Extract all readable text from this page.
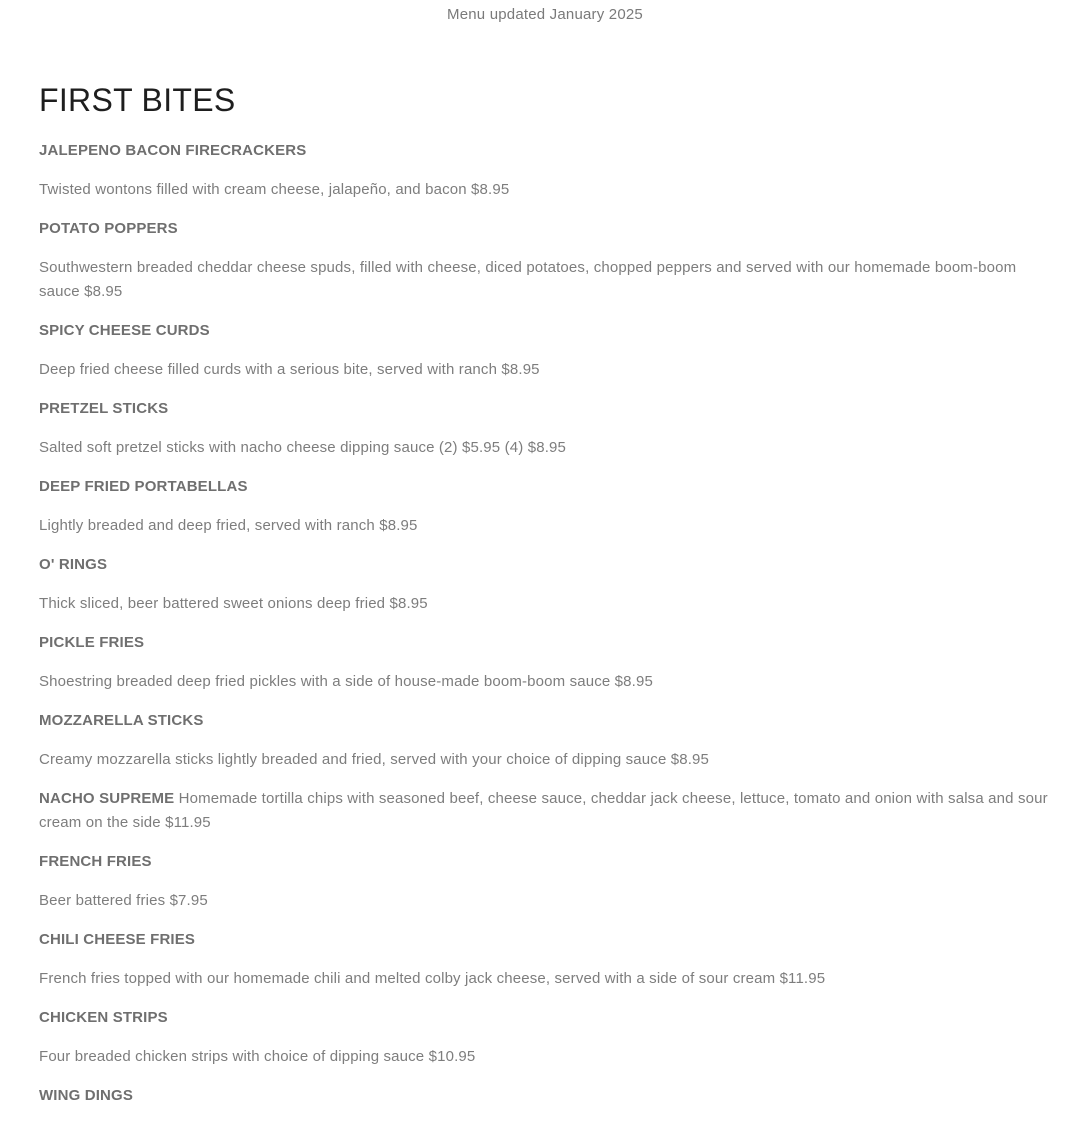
Menu updated January 2025
FIRST BITES

JALEPENO BACON FIRECRACKERS

Twisted wontons filled with cream cheese, jalapeño, and bacon $8.95

POTATO POPPERS

Southwestern breaded cheddar cheese spuds, filled with cheese, diced potatoes, chopped peppers and served with our homemade boom-boom sauce $8.95

SPICY CHEESE CURDS

Deep fried cheese filled curds with a serious bite, served with ranch $8.95

PRETZEL STICKS

Salted soft pretzel sticks with nacho cheese dipping sauce (2) $5.95 (4) $8.95

DEEP FRIED PORTABELLAS

Lightly breaded and deep fried, served with ranch $8.95

O' RINGS

Thick sliced, beer battered sweet onions deep fried $8.95

PICKLE FRIES

Shoestring breaded deep fried pickles with a side of house-made boom-boom sauce $8.95

MOZZARELLA STICKS

Creamy mozzarella sticks lightly breaded and fried, served with your choice of dipping sauce $8.95

NACHO SUPREME Homemade tortilla chips with seasoned beef, cheese sauce, cheddar jack cheese, lettuce, tomato and onion with salsa and sour cream on the side $11.95

FRENCH FRIES

Beer battered fries $7.95

CHILI CHEESE FRIES

French fries topped with our homemade chili and melted colby jack cheese, served with a side of sour cream $11.95

CHICKEN STRIPS

Four breaded chicken strips with choice of dipping sauce $10.95

WING DINGS
